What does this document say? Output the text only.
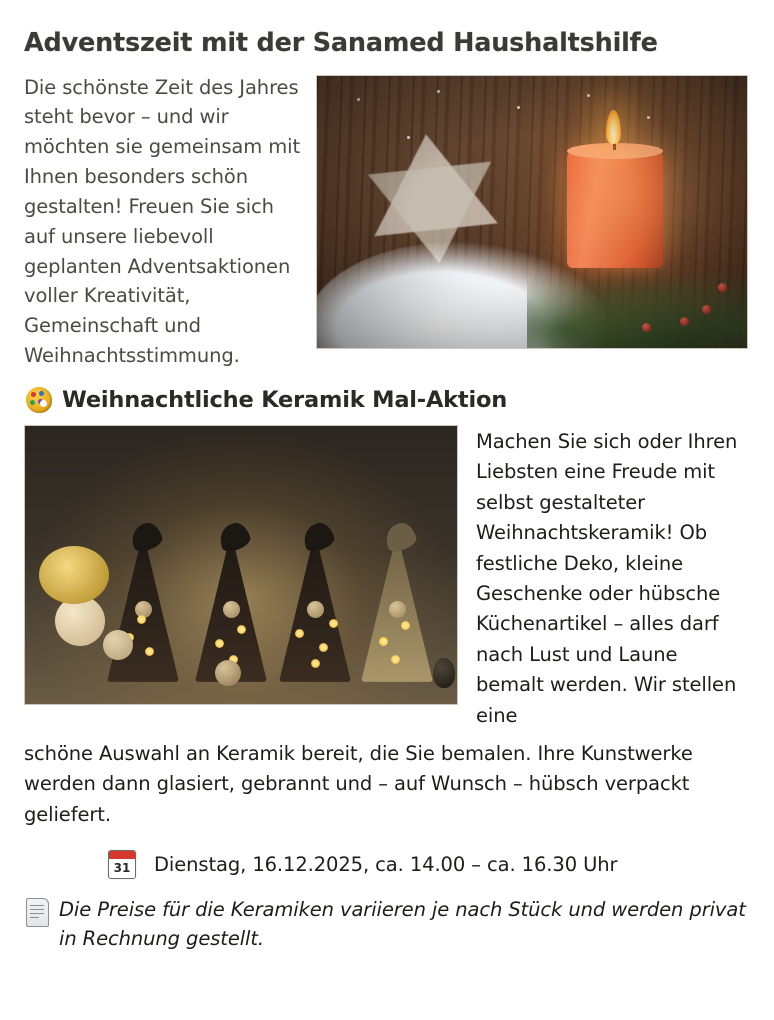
Adventszeit mit der Sanamed Haushaltshilfe
Die schönste Zeit des Jahres steht bevor – und wir möchten sie gemeinsam mit Ihnen besonders schön gestalten! Freuen Sie sich auf unsere liebevoll geplanten Adventsaktionen voller Kreativität, Gemeinschaft und Weihnachtsstimmung.
Weihnachtliche Keramik Mal-Aktion
Machen Sie sich oder Ihren Liebsten eine Freude mit selbst gestalteter Weihnachtskeramik! Ob festliche Deko, kleine Geschenke oder hübsche Küchenartikel – alles darf nach Lust und Laune bemalt werden. Wir stellen eine
schöne Auswahl an Keramik bereit, die Sie bemalen. Ihre Kunstwerke werden dann glasiert, gebrannt und – auf Wunsch – hübsch verpackt geliefert.
31 Dienstag, 16.12.2025, ca. 14.00 – ca. 16.30 Uhr
Die Preise für die Keramiken variieren je nach Stück und werden privat in Rechnung gestellt.
